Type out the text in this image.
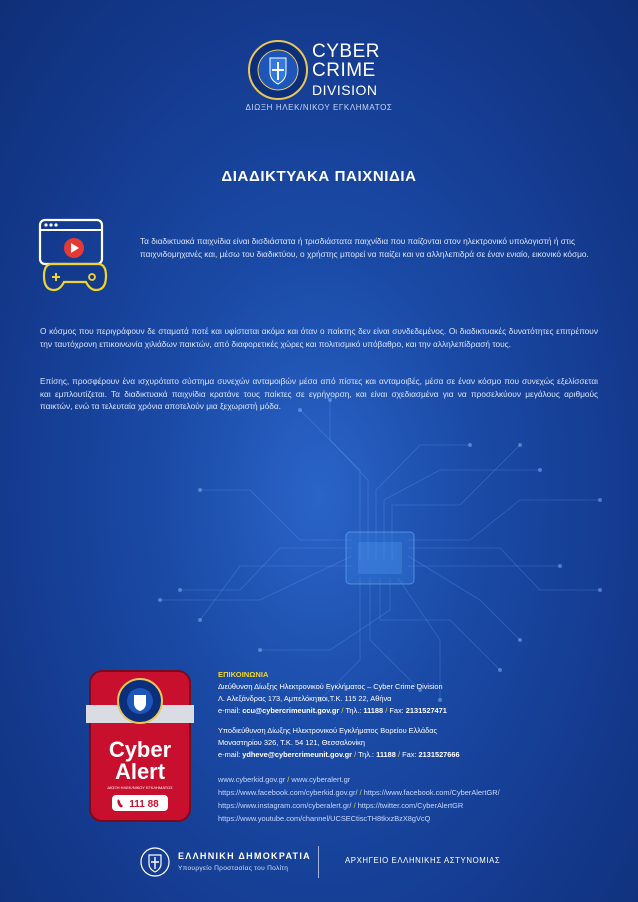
CYBER
CRIME
DIVISION
ΔΙΩΞΗ ΗΛΕΚ/ΝΙΚΟΥ ΕΓΚΛΗΜΑΤΟΣ
ΔΙΑΔΙΚΤΥΑΚΑ ΠΑΙΧΝΙΔΙΑ
Τα διαδικτυακά παιχνίδια είναι δισδιάστατα ή τρισδιάστατα παιχνίδια που παίζονται στον ηλεκτρονικό υπολογιστή ή στις παιχνιδομηχανές και, μέσω του διαδικτύου, ο χρήστης μπορεί να παίζει και να αλληλεπιδρά σε έναν ενιαίο, εικονικό κόσμο.
Ο κόσμος που περιγράφουν δε σταματά ποτέ και υφίσταται ακόμα και όταν ο παίκτης δεν είναι συνδεδεμένος. Οι διαδικτυακές δυνατότητες επιτρέπουν την ταυτόχρονη επικοινωνία χιλιάδων παικτών, από διαφορετικές χώρες και πολιτισμικό υπόβαθρο, και την αλληλεπίδρασή τους.
Επίσης, προσφέρουν ένα ισχυρότατο σύστημα συνεχών ανταμοιβών μέσα από πίστες και ανταμοιβές, μέσα σε έναν κόσμο που συνεχώς εξελίσσεται και εμπλουτίζεται. Τα διαδικτυακά παιχνίδια κρατάνε τους παίκτες σε εγρήγορση, και είναι σχεδιασμένα για να προσελκύουν μεγάλους αριθμούς παικτών, ενώ τα τελευταία χρόνια αποτελούν μια ξεχωριστή μόδα.
Cyber
Alert
ΔΙΩΞΗ ΗΛΕΚ/ΝΙΚΟΥ ΕΓΚΛΗΜΑΤΟΣ
111 88
ΕΠΙΚΟΙΝΩΝΙΑ
Διεύθυνση Δίωξης Ηλεκτρονικού Εγκλήματος – Cyber Crime Division
Λ. Αλεξάνδρας 173, Αμπελόκηποι,Τ.Κ. 115 22, Αθήνα
e-mail: ccu@cybercrimeunit.gov.gr / Τηλ.: 11188 / Fax: 2131527471
Υποδιεύθυνση Δίωξης Ηλεκτρονικού Εγκλήματος Βορείου Ελλάδας
Μοναστηρίου 326, Τ.Κ. 54 121, Θεσσαλονίκη
e-mail: ydheve@cybercrimeunit.gov.gr / Τηλ.: 11188 / Fax: 2131527666
www.cyberkid.gov.gr / www.cyberalert.gr
https://www.facebook.com/cyberkid.gov.gr/ / https://www.facebook.com/CyberAlertGR/
https://www.instagram.com/cyberalert.gr/ / https://twitter.com/CyberAlertGR
https://www.youtube.com/channel/UCSECtiscTH8tkxzBzX8gVcQ
ΕΛΛΗΝΙΚΗ ΔΗΜΟΚΡΑΤΙΑ
Υπουργείο Προστασίας του Πολίτη
ΑΡΧΗΓΕΙΟ ΕΛΛΗΝΙΚΗΣ ΑΣΤΥΝΟΜΙΑΣ
